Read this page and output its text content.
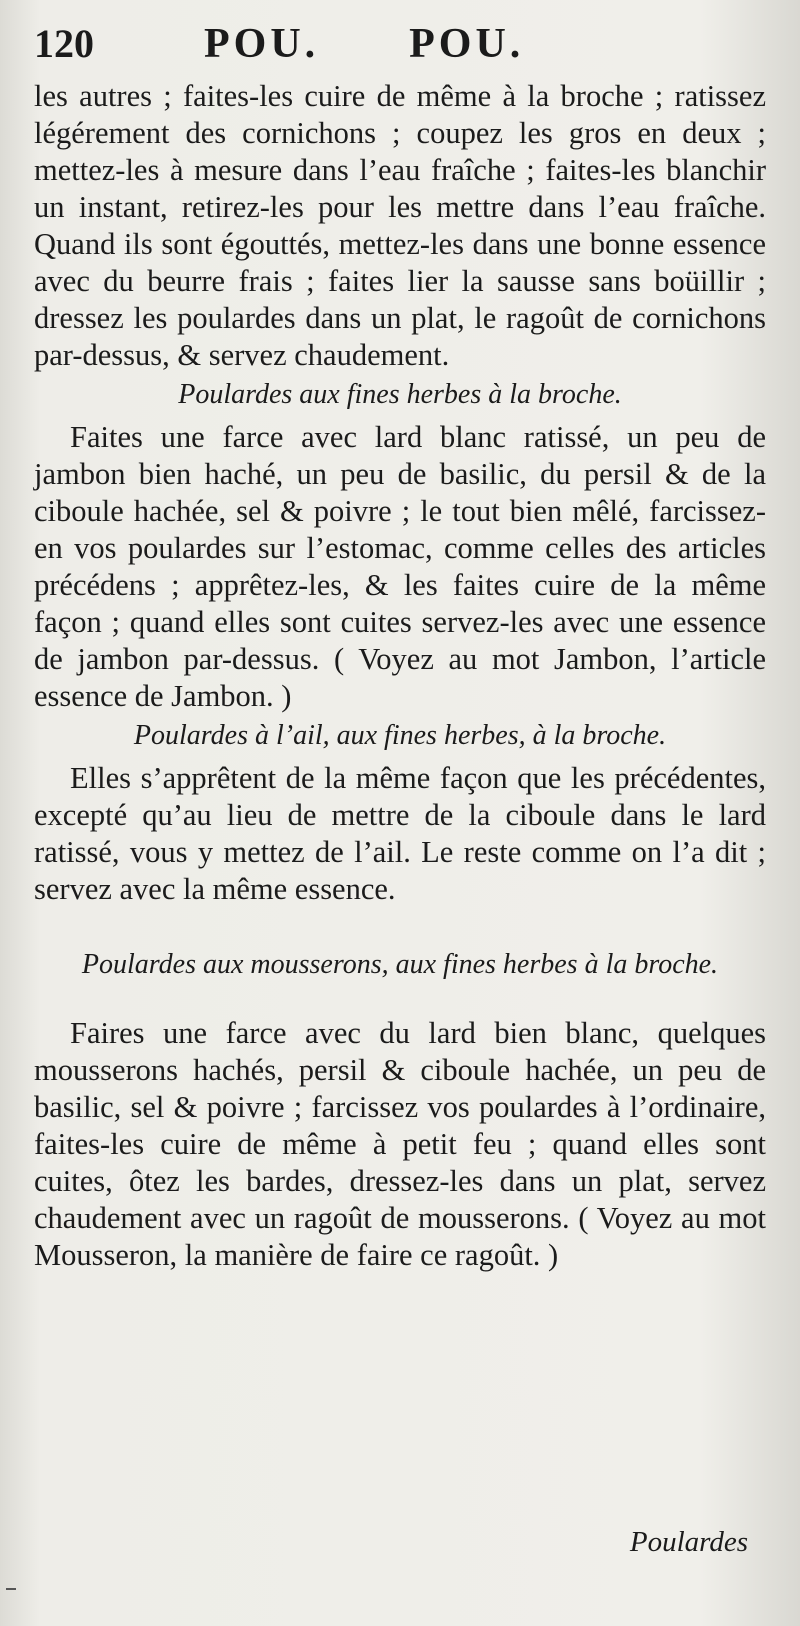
120	POU. POU.

les autres ; faites-les cuire de même à la broche ; ratissez légérement des cornichons ; coupez les gros en deux ; mettez-les à mesure dans l’eau fraîche ; faites-les blanchir un instant, retirez-les pour les mettre dans l’eau fraîche. Quand ils sont égouttés, mettez-les dans une bonne essence avec du beurre frais ; faites lier la sausse sans boüillir ; dressez les poulardes dans un plat, le ragoût de cornichons par-dessus, & servez chaudement.

Poulardes aux fines herbes à la broche.

Faites une farce avec lard blanc ratissé, un peu de jambon bien haché, un peu de basilic, du persil & de la ciboule hachée, sel & poivre ; le tout bien mêlé, farcissez-en vos poulardes sur l’estomac, comme celles des articles précédens ; apprêtez-les, & les faites cuire de la même façon ; quand elles sont cuites servez-les avec une essence de jambon par-dessus. ( Voyez au mot Jambon, l’article essence de Jambon. )

Poulardes à l’ail, aux fines herbes, à la broche.

Elles s’apprêtent de la même façon que les précédentes, excepté qu’au lieu de mettre de la ciboule dans le lard ratissé, vous y mettez de l’ail. Le reste comme on l’a dit ; servez avec la même essence.

Poulardes aux mousserons, aux fines herbes à la broche.

Faires une farce avec du lard bien blanc, quelques mousserons hachés, persil & ciboule hachée, un peu de basilic, sel & poivre ; farcissez vos poulardes à l’ordinaire, faites-les cuire de même à petit feu ; quand elles sont cuites, ôtez les bardes, dressez-les dans un plat, servez chaudement avec un ragoût de mousserons. ( Voyez au mot Mousseron, la manière de faire ce ragoût. )

Poulardes
